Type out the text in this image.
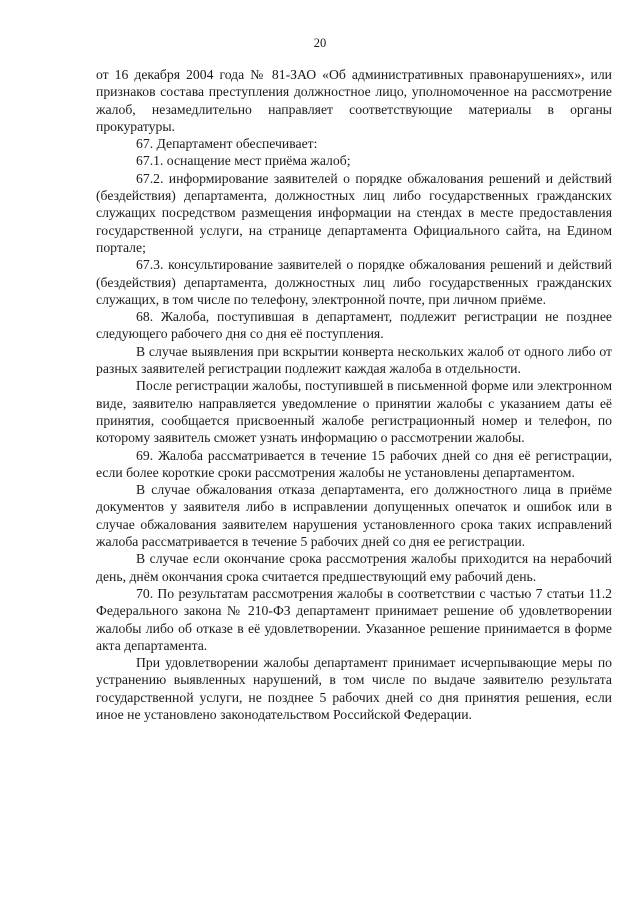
20

от 16 декабря 2004 года № 81-ЗАО «Об административных правонарушениях», или признаков состава преступления должностное лицо, уполномоченное на рассмотрение жалоб, незамедлительно направляет соответствующие материалы в органы прокуратуры.

67. Департамент обеспечивает:

67.1. оснащение мест приёма жалоб;

67.2. информирование заявителей о порядке обжалования решений и действий (бездействия) департамента, должностных лиц либо государственных гражданских служащих посредством размещения информации на стендах в месте предоставления государственной услуги, на странице департамента Официального сайта, на Едином портале;

67.3. консультирование заявителей о порядке обжалования решений и действий (бездействия) департамента, должностных лиц либо государственных гражданских служащих, в том числе по телефону, электронной почте, при личном приёме.

68. Жалоба, поступившая в департамент, подлежит регистрации не позднее следующего рабочего дня со дня её поступления.

В случае выявления при вскрытии конверта нескольких жалоб от одного либо от разных заявителей регистрации подлежит каждая жалоба в отдельности.

После регистрации жалобы, поступившей в письменной форме или электронном виде, заявителю направляется уведомление о принятии жалобы с указанием даты её принятия, сообщается присвоенный жалобе регистрационный номер и телефон, по которому заявитель сможет узнать информацию о рассмотрении жалобы.

69. Жалоба рассматривается в течение 15 рабочих дней со дня её регистрации, если более короткие сроки рассмотрения жалобы не установлены департаментом.

В случае обжалования отказа департамента, его должностного лица в приёме документов у заявителя либо в исправлении допущенных опечаток и ошибок или в случае обжалования заявителем нарушения установленного срока таких исправлений жалоба рассматривается в течение 5 рабочих дней со дня ее регистрации.

В случае если окончание срока рассмотрения жалобы приходится на нерабочий день, днём окончания срока считается предшествующий ему рабочий день.

70. По результатам рассмотрения жалобы в соответствии с частью 7 статьи 11.2 Федерального закона № 210-ФЗ департамент принимает решение об удовлетворении жалобы либо об отказе в её удовлетворении. Указанное решение принимается в форме акта департамента.

При удовлетворении жалобы департамент принимает исчерпывающие меры по устранению выявленных нарушений, в том числе по выдаче заявителю результата государственной услуги, не позднее 5 рабочих дней со дня принятия решения, если иное не установлено законодательством Российской Федерации.
